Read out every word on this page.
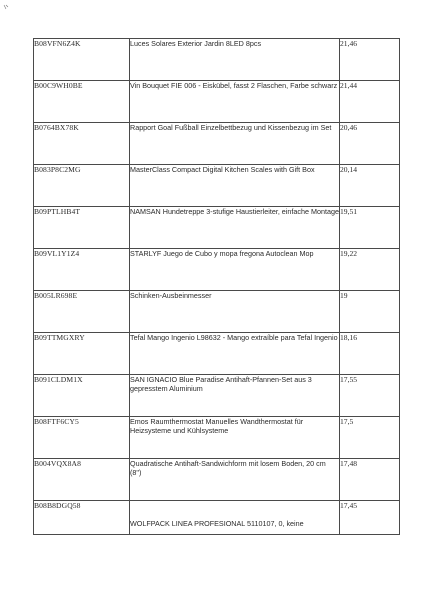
B08VFN6Z4K	Luces Solares Exterior Jardin 8LED 8pcs	21,46
B00C9WH0BE	Vin Bouquet FIE 006 - Eiskübel, fasst 2 Flaschen, Farbe schwarz	21,44
B0764BX78K	Rapport Goal Fußball Einzelbettbezug und Kissenbezug im Set	20,46
B083P8C2MG	MasterClass Compact Digital Kitchen Scales with Gift Box	20,14
B09PTLHB4T	NAMSAN Hundetreppe 3-stufige Haustierleiter, einfache Montage	19,51
B09VL1Y1Z4	STARLYF Juego de Cubo y mopa fregona Autoclean Mop	19,22
B005LR698E	Schinken-Ausbeinmesser	19
B09TTMGXRY	Tefal Mango Ingenio L98632 - Mango extraíble para Tefal Ingenio	18,16
B091CLDM1X	SAN IGNACIO Blue Paradise Antihaft-Pfannen-Set aus 3 gepresstem Aluminium	17,55
B08FTF6CY5	Emos Raumthermostat Manuelles Wandthermostat für Heizsysteme und Kühlsysteme	17,5
B004VQX8A8	Quadratische Antihaft-Sandwichform mit losem Boden, 20 cm (8")	17,48
B08B8DGQ58	WOLFPACK LINEA PROFESIONAL 5110107, 0, keine	17,45
